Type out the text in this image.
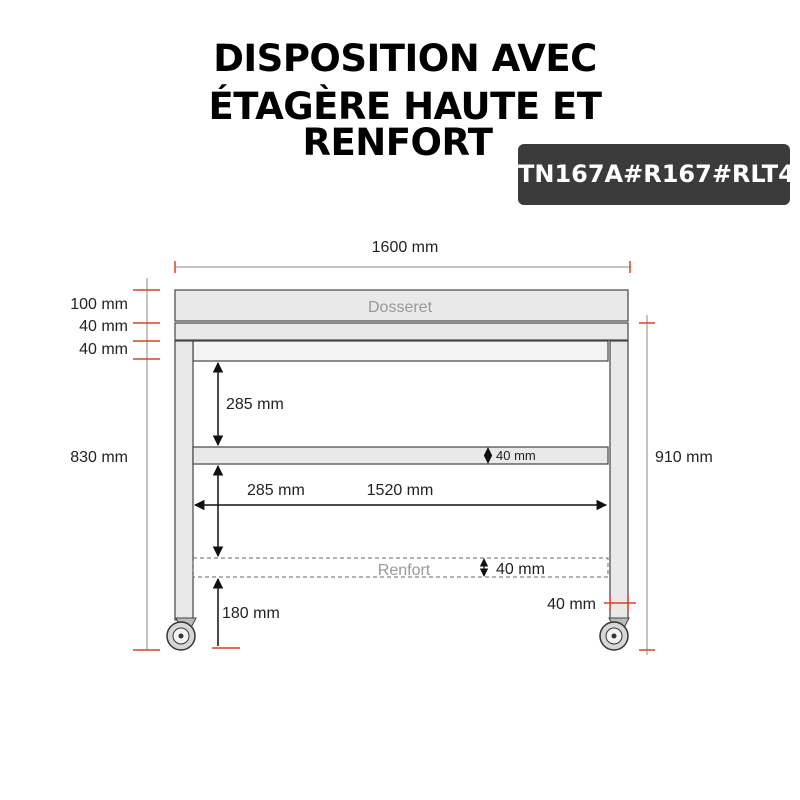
DISPOSITION AVEC
ÉTAGÈRE HAUTE ET
RENFORT
TN167A#R167#RLT4
Dosseret
Renfort
1600 mm
100 mm
40 mm
40 mm
830 mm	910 mm
285 mm
285 mm
180 mm
1520 mm
40 mm
40 mm
40 mm
